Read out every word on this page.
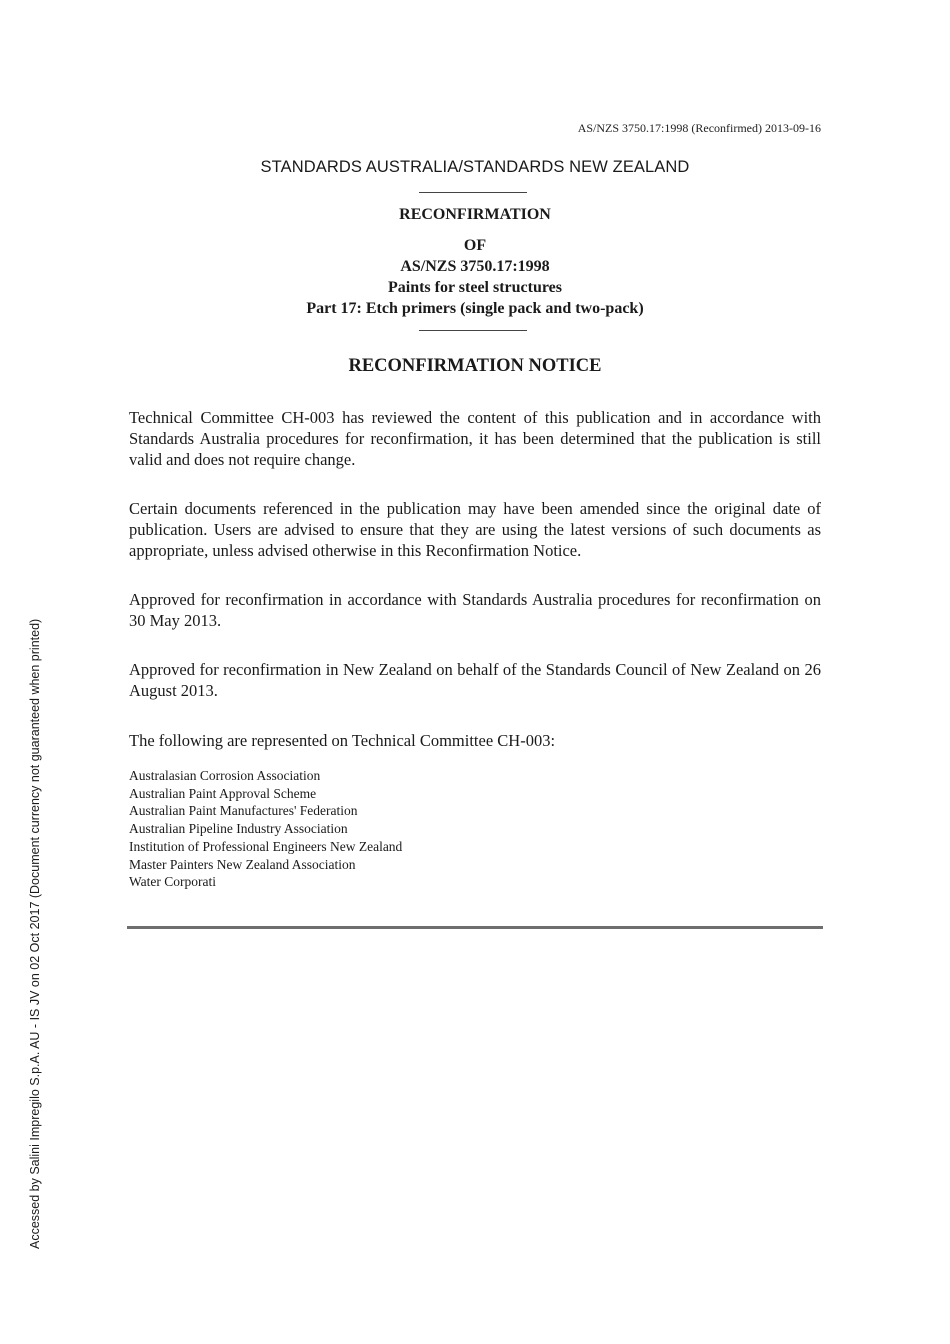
AS/NZS 3750.17:1998 (Reconfirmed) 2013-09-16
STANDARDS AUSTRALIA/STANDARDS NEW ZEALAND
RECONFIRMATION
OF
AS/NZS 3750.17:1998
Paints for steel structures
Part 17: Etch primers (single pack and two-pack)
RECONFIRMATION NOTICE

Technical Committee CH-003 has reviewed the content of this publication and in accordance with Standards Australia procedures for reconfirmation, it has been determined that the publication is still valid and does not require change.

Certain documents referenced in the publication may have been amended since the original date of publication. Users are advised to ensure that they are using the latest versions of such documents as appropriate, unless advised otherwise in this Reconfirmation Notice.

Approved for reconfirmation in accordance with Standards Australia procedures for reconfirmation on 30 May 2013.

Approved for reconfirmation in New Zealand on behalf of the Standards Council of New Zealand on 26 August 2013.

The following are represented on Technical Committee CH-003:

Australasian Corrosion Association
Australian Paint Approval Scheme
Australian Paint Manufactures' Federation
Australian Pipeline Industry Association
Institution of Professional Engineers New Zealand
Master Painters New Zealand Association
Water Corporati
Accessed by Salini Impregilo S.p.A. AU - IS JV on 02 Oct 2017 (Document currency not guaranteed when printed)
